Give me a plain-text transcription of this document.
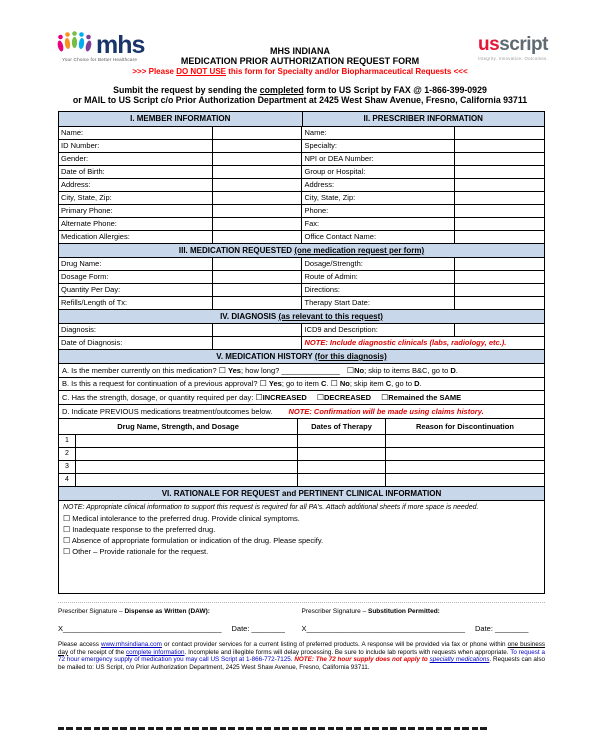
mhs
Your Choice for Better Healthcare
usscript
Integrity. Innovation. Outcomes.
MHS INDIANA
MEDICATION PRIOR AUTHORIZATION REQUEST FORM
>>> Please DO NOT USE this form for Specialty and/or Biopharmaceutical Requests <<<
Sumbit the request by sending the completed form to US Script by FAX @ 1-866-399-0929
or MAIL to US Script c/o Prior Authorization Department at 2425 West Shaw Avenue, Fresno, California 93711
I. MEMBER INFORMATION	II. PRESCRIBER INFORMATION
Name:	Name:
ID Number:	Specialty:
Gender:	NPI or DEA Number:
Date of Birth:	Group or Hospital:
Address:	Address:
City, State, Zip:	City, State, Zip:
Primary Phone:	Phone:
Alternate Phone:	Fax:
Medication Allergies:	Office Contact Name:
III. MEDICATION REQUESTED (one medication request per form)
Drug Name:	Dosage/Strength:
Dosage Form:	Route of Admin:
Quantity Per Day:	Directions:
Refills/Length of Tx:	Therapy Start Date:
IV. DIAGNOSIS (as relevant to this request)
Diagnosis:	ICD9 and Description:
Date of Diagnosis:	NOTE: Include diagnostic clinicals (labs, radiology, etc.).
V. MEDICATION HISTORY (for this diagnosis)
A. Is the member currently on this medication? ☐ Yes; how long? ______________ ☐No; skip to items B&C, go to D.
B. Is this a request for continuation of a previous approval? ☐ Yes; go to item C. ☐ No; skip item C, go to D.
C. Has the strength, dosage, or quantity required per day: ☐INCREASED ☐DECREASED ☐Remained the SAME
D. Indicate PREVIOUS medications treatment/outcomes below. NOTE: Confirmation will be made using claims history.
Drug Name, Strength, and Dosage	Dates of Therapy	Reason for Discontinuation
1
2
3
4
VI. RATIONALE FOR REQUEST and PERTINENT CLINICAL INFORMATION
NOTE: Appropriate clinical information to support this request is required for all PA's. Attach additional sheets if more space is needed.
☐ Medical intolerance to the preferred drug. Provide clinical symptoms.
☐ Inadequate response to the preferred drug.
☐ Absence of appropriate formulation or indication of the drug. Please specify.
☐ Other – Provide rationale for the request.
Prescriber Signature – Dispense as Written (DAW):
X______________________________________ Date: ________
Prescriber Signature – Substitution Permitted:
X______________________________________ Date: ________
Please access www.mhsindiana.com or contact provider services for a current listing of preferred products. A response will be provided via fax or phone within one business day of the receipt of the complete information. Incomplete and illegible forms will delay processing. Be sure to include lab reports with requests when appropriate. To request a 72 hour emergency supply of medication you may call US Script at 1-866-772-7125. NOTE: The 72 hour supply does not apply to specialty medications. Requests can also be mailed to: US Script, c/o Prior Authorization Department, 2425 West Shaw Avenue, Fresno, California 93711.
